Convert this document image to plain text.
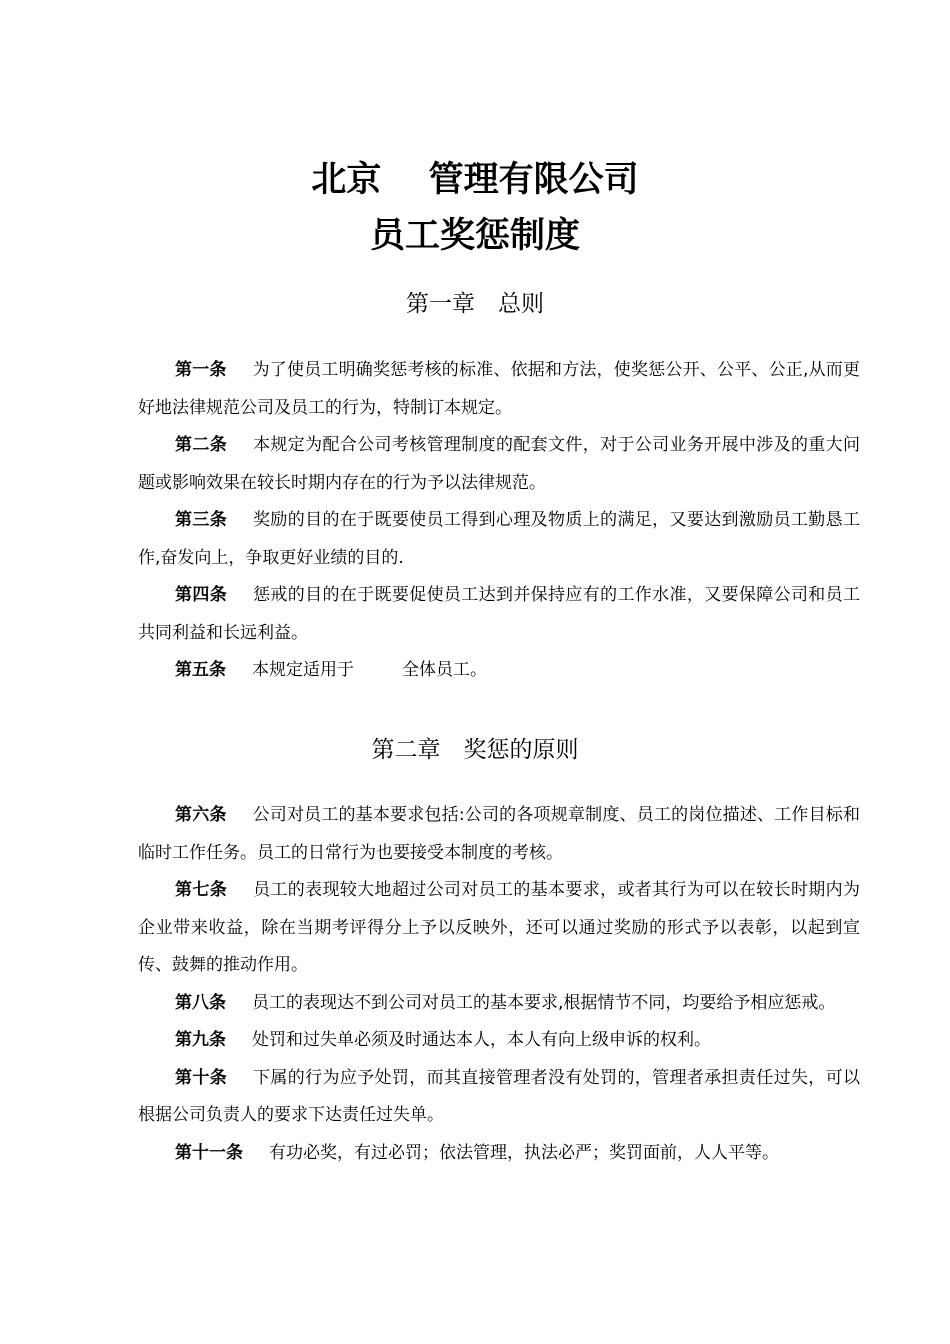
北京　 管理有限公司
员工奖惩制度
第一章　总则

第一条 为了使员工明确奖惩考核的标准、依据和方法，使奖惩公开、公平、公正,从而更好地法律规范公司及员工的行为，特制订本规定。

第二条 本规定为配合公司考核管理制度的配套文件，对于公司业务开展中涉及的重大问题或影响效果在较长时期内存在的行为予以法律规范。

第三条 奖励的目的在于既要使员工得到心理及物质上的满足，又要达到激励员工勤恳工作,奋发向上，争取更好业绩的目的.

第四条 惩戒的目的在于既要促使员工达到并保持应有的工作水准，又要保障公司和员工共同利益和长远利益。

第五条 本规定适用于	全体员工。

第二章　奖惩的原则

第六条 公司对员工的基本要求包括:公司的各项规章制度、员工的岗位描述、工作目标和临时工作任务。员工的日常行为也要接受本制度的考核。

第七条 员工的表现较大地超过公司对员工的基本要求，或者其行为可以在较长时期内为企业带来收益，除在当期考评得分上予以反映外，还可以通过奖励的形式予以表彰，以起到宣传、鼓舞的推动作用。

第八条 员工的表现达不到公司对员工的基本要求,根据情节不同，均要给予相应惩戒。

第九条 处罚和过失单必须及时通达本人，本人有向上级申诉的权利。

第十条 下属的行为应予处罚，而其直接管理者没有处罚的，管理者承担责任过失，可以根据公司负责人的要求下达责任过失单。

第十一条 有功必奖，有过必罚；依法管理，执法必严；奖罚面前，人人平等。
